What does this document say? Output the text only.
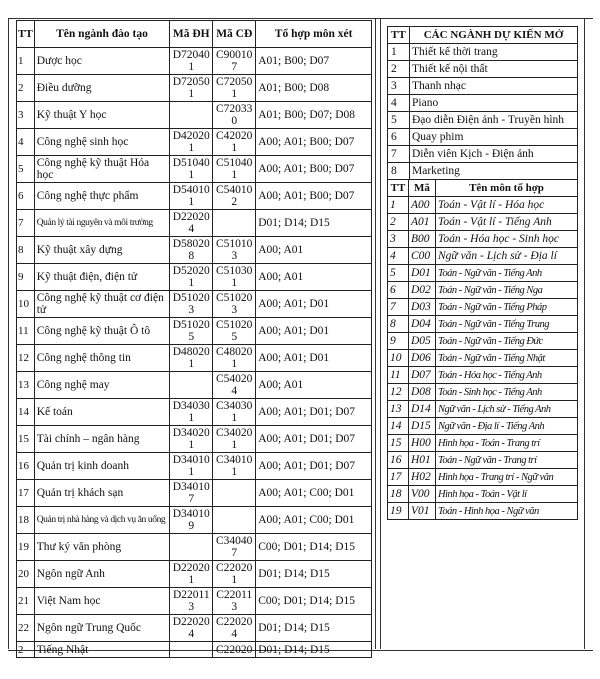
TT	Tên ngành đào tạo	Mã ĐH	Mã CĐ	Tổ hợp môn xét
1	Dược học	D720401	C900107	A01; B00; D07
2	Điều dưỡng	D720501	C720501	A01; B00; D08
3	Kỹ thuật Y học		C720330	A01; B00; D07; D08
4	Công nghệ sinh học	D420201	C420201	A00; A01; B00; D07
5	Công nghệ kỹ thuật Hóa học	D510401	C510401	A00; A01; B00; D07
6	Công nghệ thực phẩm	D540101	C540102	A00; A01; B00; D07
7	Quản lý tài nguyên và môi trường	D220204		D01; D14; D15
8	Kỹ thuật xây dựng	D580208	C510103	A00; A01
9	Kỹ thuật điện, điện tử	D520201	C510301	A00; A01
10	Công nghệ kỹ thuật cơ điện tử	D510203	C510203	A00; A01; D01
11	Công nghệ kỹ thuật Ô tô	D510205	C510205	A00; A01; D01
12	Công nghệ thông tin	D480201	C480201	A00; A01; D01
13	Công nghệ may		C540204	A00; A01
14	Kế toán	D340301	C340301	A00; A01; D01; D07
15	Tài chính – ngân hàng	D340201	C340201	A00; A01; D01; D07
16	Quản trị kinh doanh	D340101	C340101	A00; A01; D01; D07
17	Quản trị khách sạn	D340107		A00; A01; C00; D01
18	Quản trị nhà hàng và dịch vụ ăn uống	D340109		A00; A01; C00; D01
19	Thư ký văn phòng		C340407	C00; D01; D14; D15
20	Ngôn ngữ Anh	D220201	C220201	D01; D14; D15
21	Việt Nam học	D220113	C220113	C00; D01; D14; D15
22	Ngôn ngữ Trung Quốc	D220204	C220204	D01; D14; D15
2	Tiếng Nhật		C22020	D01; D14; D15
TT	CÁC NGÀNH DỰ KIẾN MỞ
1	Thiết kế thời trang
2	Thiết kế nội thất
3	Thanh nhạc
4	Piano
5	Đạo diễn Điện ảnh - Truyền hình
6	Quay phim
7	Diễn viên Kịch - Điện ảnh
8	Marketing
TT	Mã	Tên môn tổ hợp
1	A00	Toán - Vật lí - Hóa học
2	A01	Toán - Vật lí - Tiếng Anh
3	B00	Toán - Hóa học - Sinh học
4	C00	Ngữ văn - Lịch sử - Địa lí
5	D01	Toán - Ngữ văn - Tiếng Anh
6	D02	Toán - Ngữ văn - Tiếng Nga
7	D03	Toán - Ngữ văn - Tiếng Pháp
8	D04	Toán - Ngữ văn - Tiếng Trung
9	D05	Toán - Ngữ văn - Tiếng Đức
10	D06	Toán - Ngữ văn - Tiếng Nhật
11	D07	Toán - Hóa học - Tiếng Anh
12	D08	Toán - Sinh học - Tiếng Anh
13	D14	Ngữ văn - Lịch sử - Tiếng Anh
14	D15	Ngữ văn - Địa lí - Tiếng Anh
15	H00	Hình họa - Toán - Trang trí
16	H01	Toán - Ngữ văn - Trang trí
17	H02	Hình họa - Trang trí - Ngữ văn
18	V00	Hình họa - Toán - Vật lí
19	V01	Toán - Hình họa - Ngữ văn
